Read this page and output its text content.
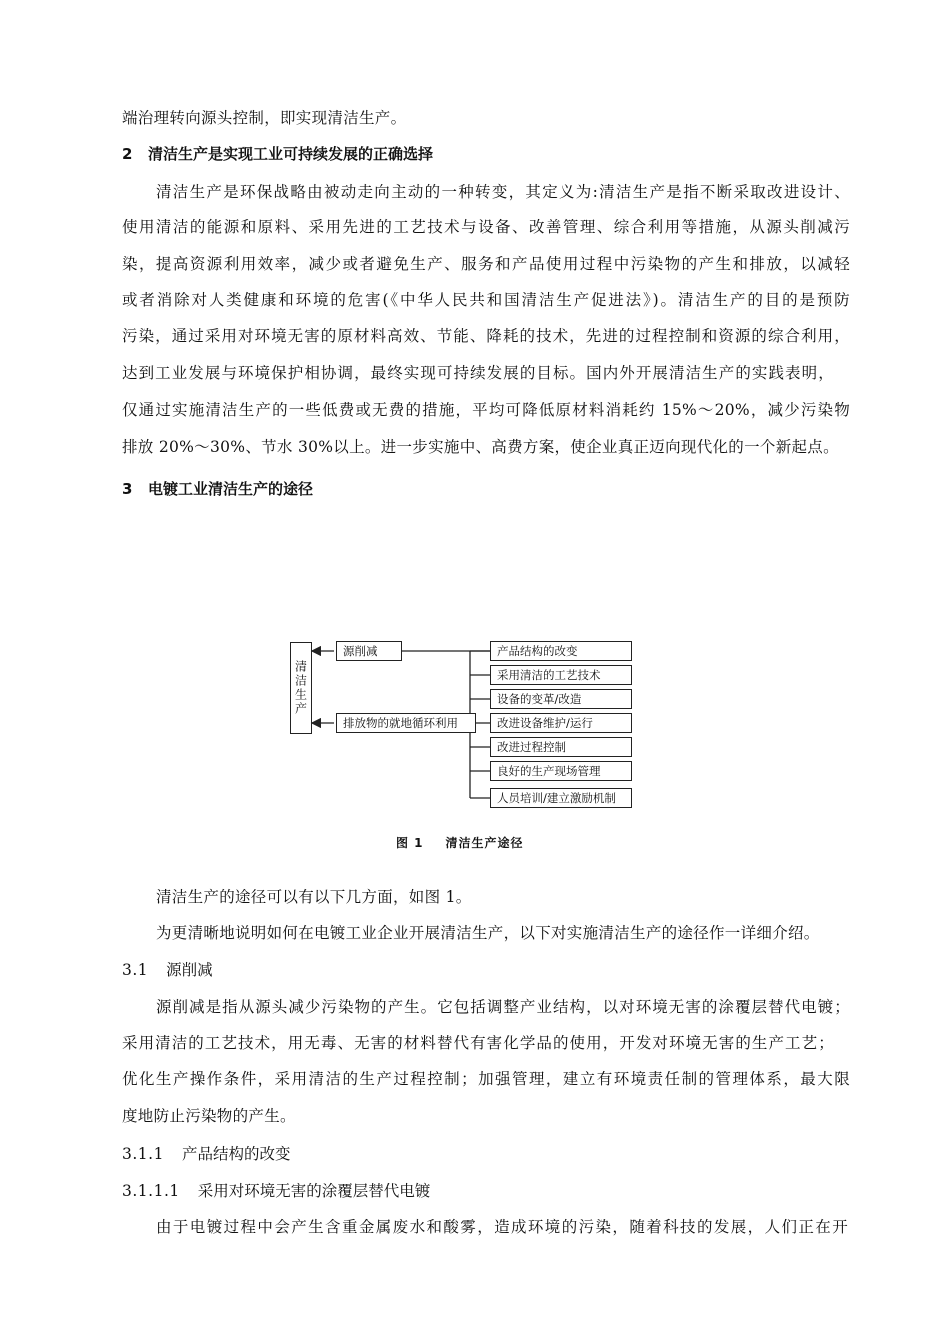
端治理转向源头控制，即实现清洁生产。
2 清洁生产是实现工业可持续发展的正确选择
清洁生产是环保战略由被动走向主动的一种转变，其定义为:清洁生产是指不断采取改进设计、
使用清洁的能源和原料、采用先进的工艺技术与设备、改善管理、综合利用等措施，从源头削减污
染，提高资源利用效率，减少或者避免生产、服务和产品使用过程中污染物的产生和排放，以减轻
或者消除对人类健康和环境的危害(《中华人民共和国清洁生产促进法》)。清洁生产的目的是预防
污染，通过采用对环境无害的原材料高效、节能、降耗的技术，先进的过程控制和资源的综合利用，
达到工业发展与环境保护相协调，最终实现可持续发展的目标。国内外开展清洁生产的实践表明，
仅通过实施清洁生产的一些低费或无费的措施，平均可降低原材料消耗约 15%～20%，减少污染物
排放 20%～30%、节水 30%以上。进一步实施中、高费方案，使企业真正迈向现代化的一个新起点。
3 电镀工业清洁生产的途径
清洁生产
源削减
排放物的就地循环利用
产品结构的改变
采用清洁的工艺技术
设备的变革/改造
改进设备维护/运行
改进过程控制
良好的生产现场管理
人员培训/建立激励机制
图 1 清洁生产途径
清洁生产的途径可以有以下几方面，如图 1。
为更清晰地说明如何在电镀工业企业开展清洁生产，以下对实施清洁生产的途径作一详细介绍。
3.1 源削减
源削减是指从源头减少污染物的产生。它包括调整产业结构，以对环境无害的涂覆层替代电镀；
采用清洁的工艺技术，用无毒、无害的材料替代有害化学品的使用，开发对环境无害的生产工艺；
优化生产操作条件，采用清洁的生产过程控制；加强管理，建立有环境责任制的管理体系，最大限
度地防止污染物的产生。
3.1.1 产品结构的改变
3.1.1.1 采用对环境无害的涂覆层替代电镀
由于电镀过程中会产生含重金属废水和酸雾，造成环境的污染，随着科技的发展，人们正在开
